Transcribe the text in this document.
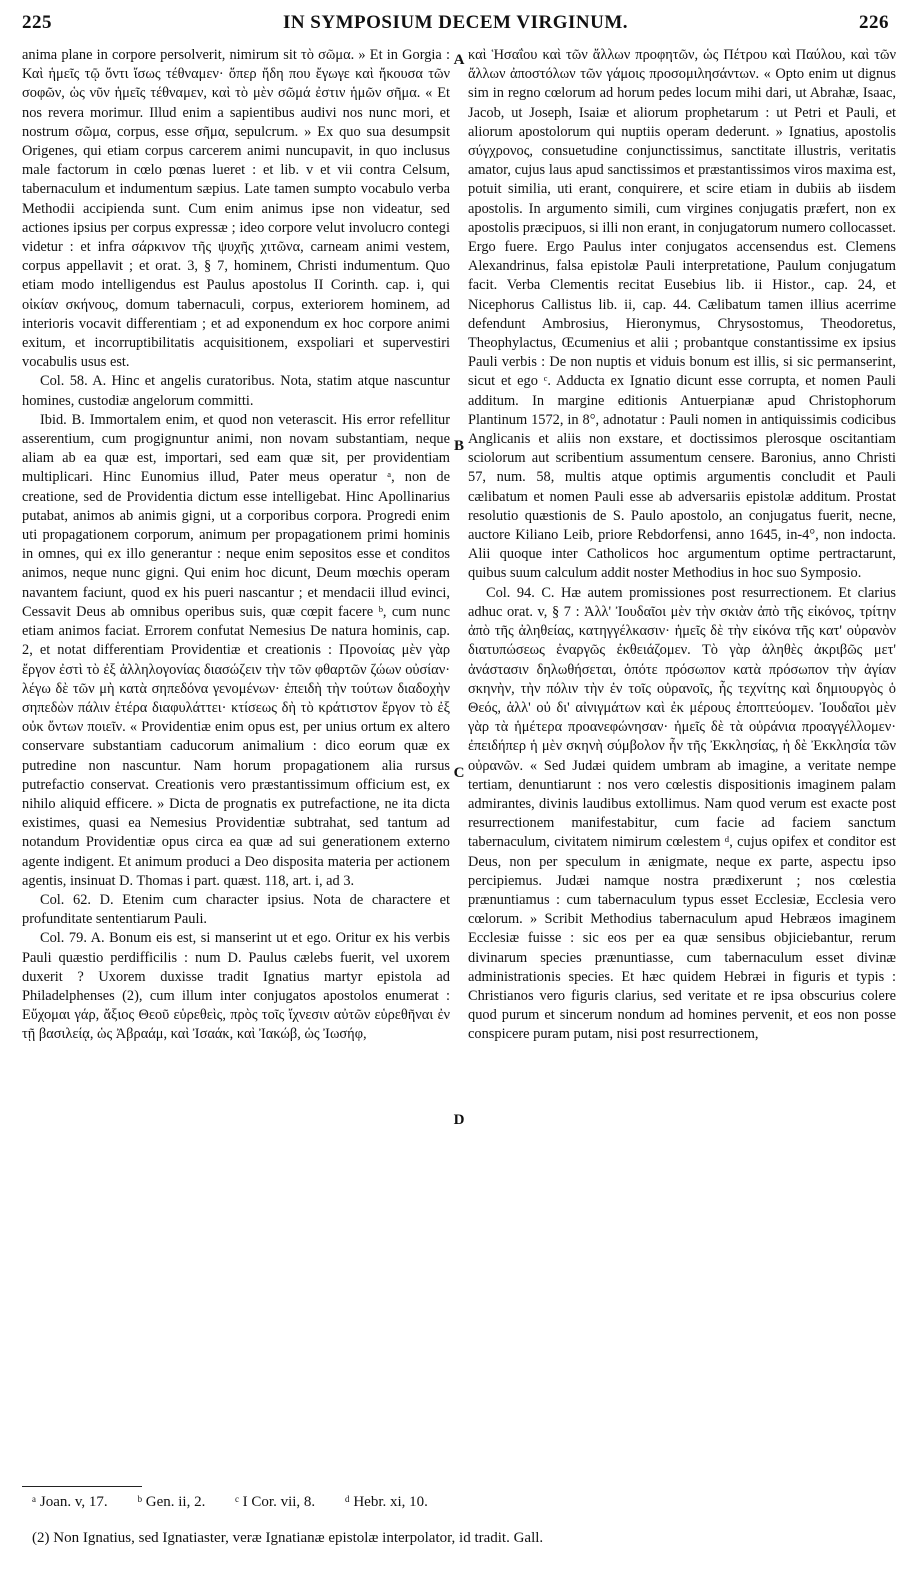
225	IN SYMPOSIUM DECEM VIRGINUM.	226

anima plane in corpore persolverit, nimirum sit τὸ σῶμα. » Et in Gorgia : Καὶ ἡμεῖς τῷ ὄντι ἴσως τέθναμεν· ὅπερ ἤδη που ἔγωγε καὶ ἤκουσα τῶν σοφῶν, ὡς νῦν ἡμεῖς τέθναμεν, καὶ τὸ μὲν σῶμά ἐστιν ἡμῶν σῆμα. « Et nos revera morimur. Illud enim a sapientibus audivi nos nunc mori, et nostrum σῶμα, corpus, esse σῆμα, sepulcrum. » Ex quo sua desumpsit Origenes, qui etiam corpus carcerem animi nuncupavit, in quo inclusus male factorum in cœlo pœnas lueret : et lib. v et vii contra Celsum, tabernaculum et indumentum sæpius. Late tamen sumpto vocabulo verba Methodii accipienda sunt. Cum enim animus ipse non videatur, sed actiones ipsius per corpus expressæ ; ideo corpore velut involucro contegi videtur : et infra σάρκινον τῆς ψυχῆς χιτῶνα, carneam animi vestem, corpus appellavit ; et orat. 3, § 7, hominem, Christi indumentum. Quo etiam modo intelligendus est Paulus apostolus II Corinth. cap. i, qui οἰκίαν σκήνους, domum tabernaculi, corpus, exteriorem hominem, ad interioris vocavit differentiam ; et ad exponendum ex hoc corpore animi exitum, et incorruptibilitatis acquisitionem, exspoliari et supervestiri vocabulis usus est.

Col. 58. A. Hinc et angelis curatoribus. Nota, statim atque nascuntur homines, custodiæ angelorum committi.

Ibid. B. Immortalem enim, et quod non veterascit. His error refellitur asserentium, cum progignuntur animi, non novam substantiam, neque aliam ab ea quæ est, importari, sed eam quæ sit, per providentiam multiplicari. Hinc Eunomius illud, Pater meus operatur ᵃ, non de creatione, sed de Providentia dictum esse intelligebat. Hinc Apollinarius putabat, animos ab animis gigni, ut a corporibus corpora. Progredi enim uti propagationem corporum, animum per propagationem primi hominis in omnes, qui ex illo generantur : neque enim sepositos esse et conditos animos, neque nunc gigni. Qui enim hoc dicunt, Deum mœchis operam navantem faciunt, quod ex his pueri nascantur ; et mendacii illud evinci, Cessavit Deus ab omnibus operibus suis, quæ cœpit facere ᵇ, cum nunc etiam animos faciat. Errorem confutat Nemesius De natura hominis, cap. 2, et notat differentiam Providentiæ et creationis : Προνοίας μὲν γὰρ ἔργον ἐστὶ τὸ ἐξ ἀλληλογονίας διασώζειν τὴν τῶν φθαρτῶν ζώων οὐσίαν· λέγω δὲ τῶν μὴ κατὰ σηπεδόνα γενομένων· ἐπειδὴ τὴν τούτων διαδοχὴν σηπεδὼν πάλιν ἑτέρα διαφυλάττει· κτίσεως δὴ τὸ κράτιστον ἔργον τὸ ἐξ οὐκ ὄντων ποιεῖν. « Providentiæ enim opus est, per unius ortum ex altero conservare substantiam caducorum animalium : dico eorum quæ ex putredine non nascuntur. Nam horum propagationem alia rursus putrefactio conservat. Creationis vero præstantissimum officium est, ex nihilo aliquid efficere. » Dicta de prognatis ex putrefactione, ne ita dicta existimes, quasi ea Nemesius Providentiæ subtrahat, sed tantum ad notandum Providentiæ opus circa ea quæ ad sui generationem externo agente indigent. Et animum produci a Deo disposita materia per actionem agentis, insinuat D. Thomas i part. quæst. 118, art. i, ad 3.

Col. 62. D. Etenim cum character ipsius. Nota de charactere et profunditate sententiarum Pauli.

Col. 79. A. Bonum eis est, si manserint ut et ego. Oritur ex his verbis Pauli quæstio perdifficilis : num D. Paulus cælebs fuerit, vel uxorem duxerit ? Uxorem duxisse tradit Ignatius martyr epistola ad Philadelphenses (2), cum illum inter conjugatos apostolos enumerat : Εὔχομαι γάρ, ἄξιος Θεοῦ εὑρεθεὶς, πρὸς τοῖς ἴχνεσιν αὐτῶν εὑρεθῆναι ἐν τῇ βασιλείᾳ, ὡς Ἀβραάμ, καὶ Ἰσαάκ, καὶ Ἰακώβ, ὡς Ἰωσήφ,

A
B
C
D

καὶ Ἡσαΐου καὶ τῶν ἄλλων προφητῶν, ὡς Πέτρου καὶ Παύλου, καὶ τῶν ἄλλων ἀποστόλων τῶν γάμοις προσομιλησάντων. « Opto enim ut dignus sim in regno cœlorum ad horum pedes locum mihi dari, ut Abrahæ, Isaac, Jacob, ut Joseph, Isaiæ et aliorum prophetarum : ut Petri et Pauli, et aliorum apostolorum qui nuptiis operam dederunt. » Ignatius, apostolis σύγχρονος, consuetudine conjunctissimus, sanctitate illustris, veritatis amator, cujus laus apud sanctissimos et præstantissimos viros maxima est, potuit similia, uti erant, conquirere, et scire etiam in dubiis ab iisdem apostolis. In argumento simili, cum virgines conjugatis præfert, non ex apostolis præcipuos, si illi non erant, in conjugatorum numero collocasset. Ergo fuere. Ergo Paulus inter conjugatos accensendus est. Clemens Alexandrinus, falsa epistolæ Pauli interpretatione, Paulum conjugatum facit. Verba Clementis recitat Eusebius lib. ii Histor., cap. 24, et Nicephorus Callistus lib. ii, cap. 44. Cælibatum tamen illius acerrime defendunt Ambrosius, Hieronymus, Chrysostomus, Theodoretus, Theophylactus, Œcumenius et alii ; probantque constantissime ex ipsius Pauli verbis : De non nuptis et viduis bonum est illis, si sic permanserint, sicut et ego ᶜ. Adducta ex Ignatio dicunt esse corrupta, et nomen Pauli additum. In margine editionis Antuerpianæ apud Christophorum Plantinum 1572, in 8°, adnotatur : Pauli nomen in antiquissimis codicibus Anglicanis et aliis non exstare, et doctissimos plerosque oscitantiam sciolorum aut scribentium assumentum censere. Baronius, anno Christi 57, num. 58, multis atque optimis argumentis concludit et Pauli cælibatum et nomen Pauli esse ab adversariis epistolæ additum. Prostat resolutio quæstionis de S. Paulo apostolo, an conjugatus fuerit, necne, auctore Kiliano Leib, priore Rebdorfensi, anno 1645, in-4°, non indocta. Alii quoque inter Catholicos hoc argumentum optime pertractarunt, quibus suum calculum addit noster Methodius in hoc suo Symposio.

Col. 94. C. Hæ autem promissiones post resurrectionem. Et clarius adhuc orat. v, § 7 : Ἀλλ' Ἰουδαῖοι μὲν τὴν σκιὰν ἀπὸ τῆς εἰκόνος, τρίτην ἀπὸ τῆς ἀληθείας, κατηγγέλκασιν· ἡμεῖς δὲ τὴν εἰκόνα τῆς κατ' οὐρανὸν διατυπώσεως ἐναργῶς ἐκθειάζομεν. Τὸ γὰρ ἀληθὲς ἀκριβῶς μετ' ἀνάστασιν δηλωθήσεται, ὁπότε πρόσωπον κατὰ πρόσωπον τὴν ἁγίαν σκηνὴν, τὴν πόλιν τὴν ἐν τοῖς οὐρανοῖς, ἧς τεχνίτης καὶ δημιουργὸς ὁ Θεός, ἀλλ' οὐ δι' αἰνιγμάτων καὶ ἐκ μέρους ἐποπτεύομεν. Ἰουδαῖοι μὲν γὰρ τὰ ἡμέτερα προανεφώνησαν· ἡμεῖς δὲ τὰ οὐράνια προαγγέλλομεν· ἐπειδήπερ ἡ μὲν σκηνὴ σύμβολον ἦν τῆς Ἐκκλησίας, ἡ δὲ Ἐκκλησία τῶν οὐρανῶν. « Sed Judæi quidem umbram ab imagine, a veritate nempe tertiam, denuntiarunt : nos vero cœlestis dispositionis imaginem palam admirantes, divinis laudibus extollimus. Nam quod verum est exacte post resurrectionem manifestabitur, cum facie ad faciem sanctum tabernaculum, civitatem nimirum cœlestem ᵈ, cujus opifex et conditor est Deus, non per speculum in ænigmate, neque ex parte, aspectu ipso percipiemus. Judæi namque nostra prædixerunt ; nos cœlestia prænuntiamus : cum tabernaculum typus esset Ecclesiæ, Ecclesia vero cœlorum. » Scribit Methodius tabernaculum apud Hebræos imaginem Ecclesiæ fuisse : sic eos per ea quæ sensibus objiciebantur, rerum divinarum species prænuntiasse, cum tabernaculum esset divinæ administrationis species. Et hæc quidem Hebræi in figuris et typis : Christianos vero figuris clarius, sed veritate et re ipsa obscurius colere quod purum et sincerum nondum ad homines pervenit, et eos non posse conspicere puram putam, nisi post resurrectionem,

ᵃ Joan. v, 17. ᵇ Gen. ii, 2. ᶜ I Cor. vii, 8. ᵈ Hebr. xi, 10.
(2) Non Ignatius, sed Ignatiaster, veræ Ignatianæ epistolæ interpolator, id tradit. Gall.
